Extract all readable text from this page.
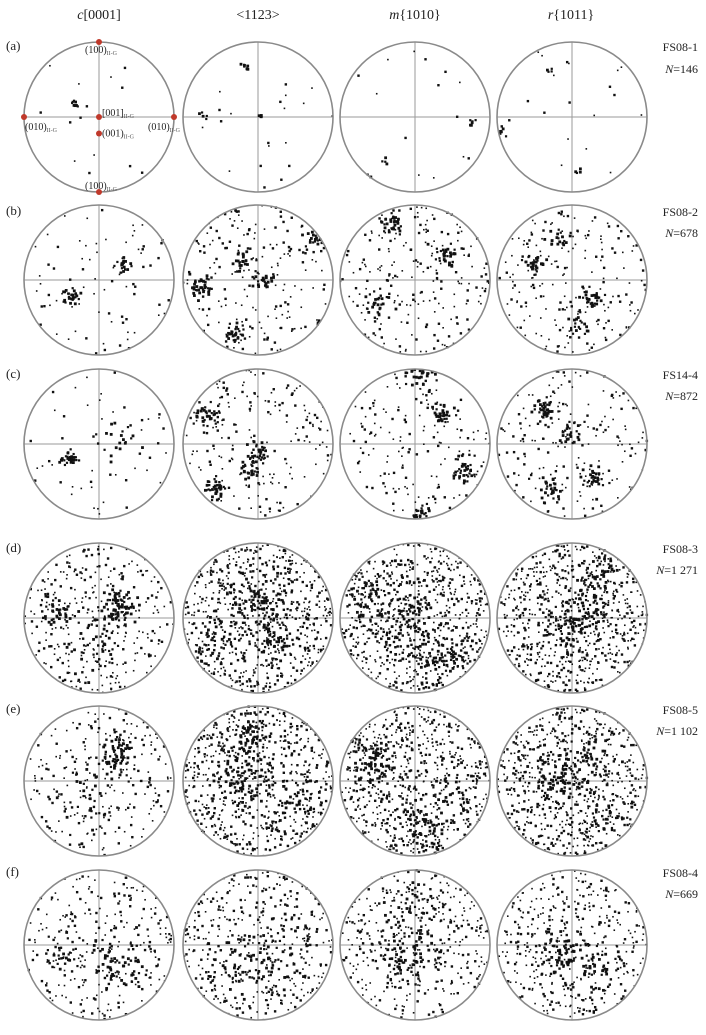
c[0001]	<1123>	m{1010}	r{1011}
(a)
(b)
(c)
(d)
(e)
(f)
FS08-1
N=146
FS08-2
N=678
FS14-4
N=872
FS08-3
N=1 271
FS08-5
N=1 102
FS08-4
N=669
$(100)_{II-G}$
$(010)_{II-G}$
$[001]_{II-G}$
$(001)_{II-G}$
$(010)_{II-G}$
$(100)_{II-G}$
